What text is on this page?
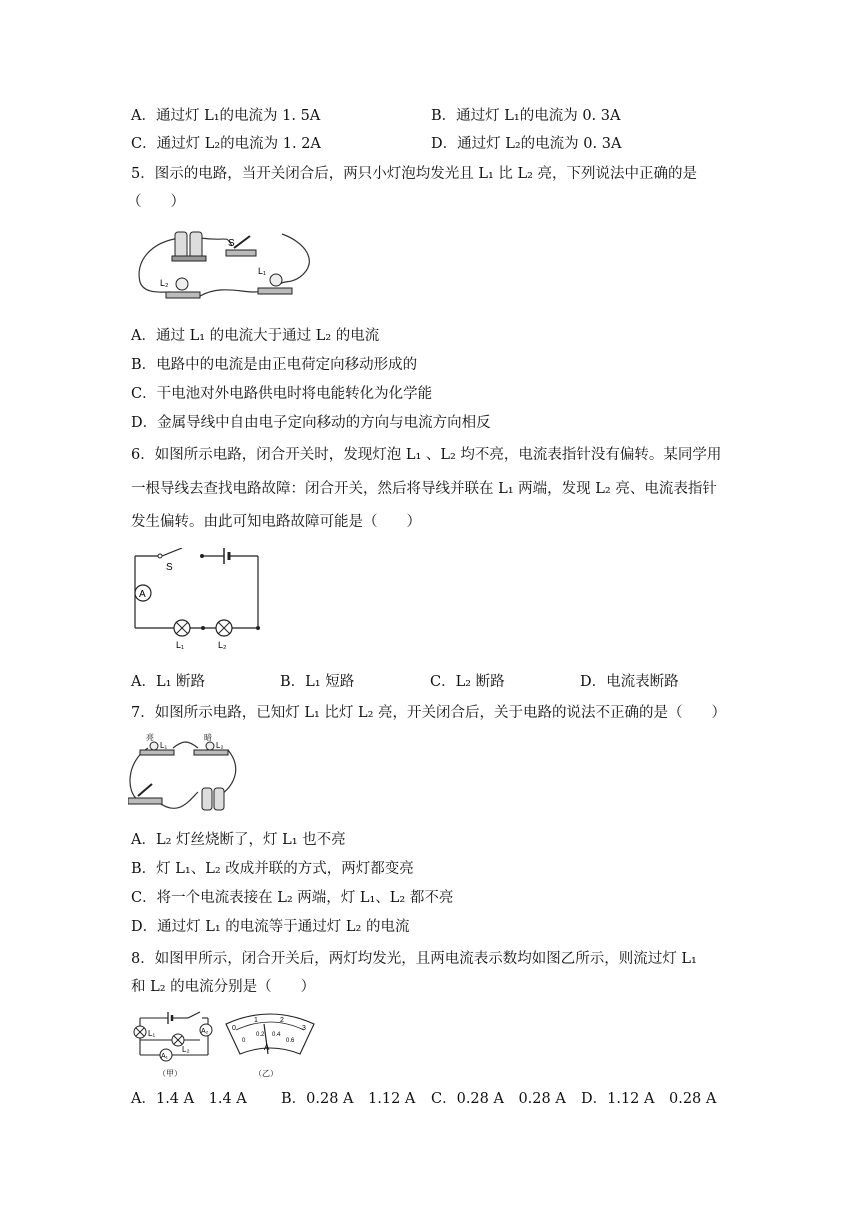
A．通过灯 L₁的电流为 1. 5A	B．通过灯 L₁的电流为 0. 3A
C．通过灯 L₂的电流为 1. 2A	D．通过灯 L₂的电流为 0. 3A
5．图示的电路，当开关闭合后，两只小灯泡均发光且 L₁ 比 L₂ 亮，下列说法中正确的是
（　　）
S
L₂
L₁
A．通过 L₁ 的电流大于通过 L₂ 的电流
B．电路中的电流是由正电荷定向移动形成的
C．干电池对外电路供电时将电能转化为化学能
D．金属导线中自由电子定向移动的方向与电流方向相反
6．如图所示电路，闭合开关时，发现灯泡 L₁ 、L₂ 均不亮，电流表指针没有偏转。某同学用
一根导线去查找电路故障：闭合开关，然后将导线并联在 L₁ 两端，发现 L₂ 亮、电流表指针
发生偏转。由此可知电路故障可能是（　　）
S
A
L₁	L₂
A．L₁ 断路	B．L₁ 短路	C．L₂ 断路	D．电流表断路
7．如图所示电路，已知灯 L₁ 比灯 L₂ 亮，开关闭合后，关于电路的说法不正确的是（　　）
亮
L₁
暗
L₂
A．L₂ 灯丝烧断了，灯 L₁ 也不亮
B．灯 L₁、L₂ 改成并联的方式，两灯都变亮
C．将一个电流表接在 L₂ 两端，灯 L₁、L₂ 都不亮
D．通过灯 L₁ 的电流等于通过灯 L₂ 的电流
8．如图甲所示，闭合开关后，两灯均发光，且两电流表示数均如图乙所示，则流过灯 L₁
和 L₂ 的电流分别是（　　）
L₁
L₂
A₂
A₁
（甲）
0
1	2
3
0
0.2 0.4
0.6
A
（乙）
A．1.4 A　1.4 A B．0.28 A　1.12 A C．0.28 A　0.28 A D．1.12 A　0.28 A
